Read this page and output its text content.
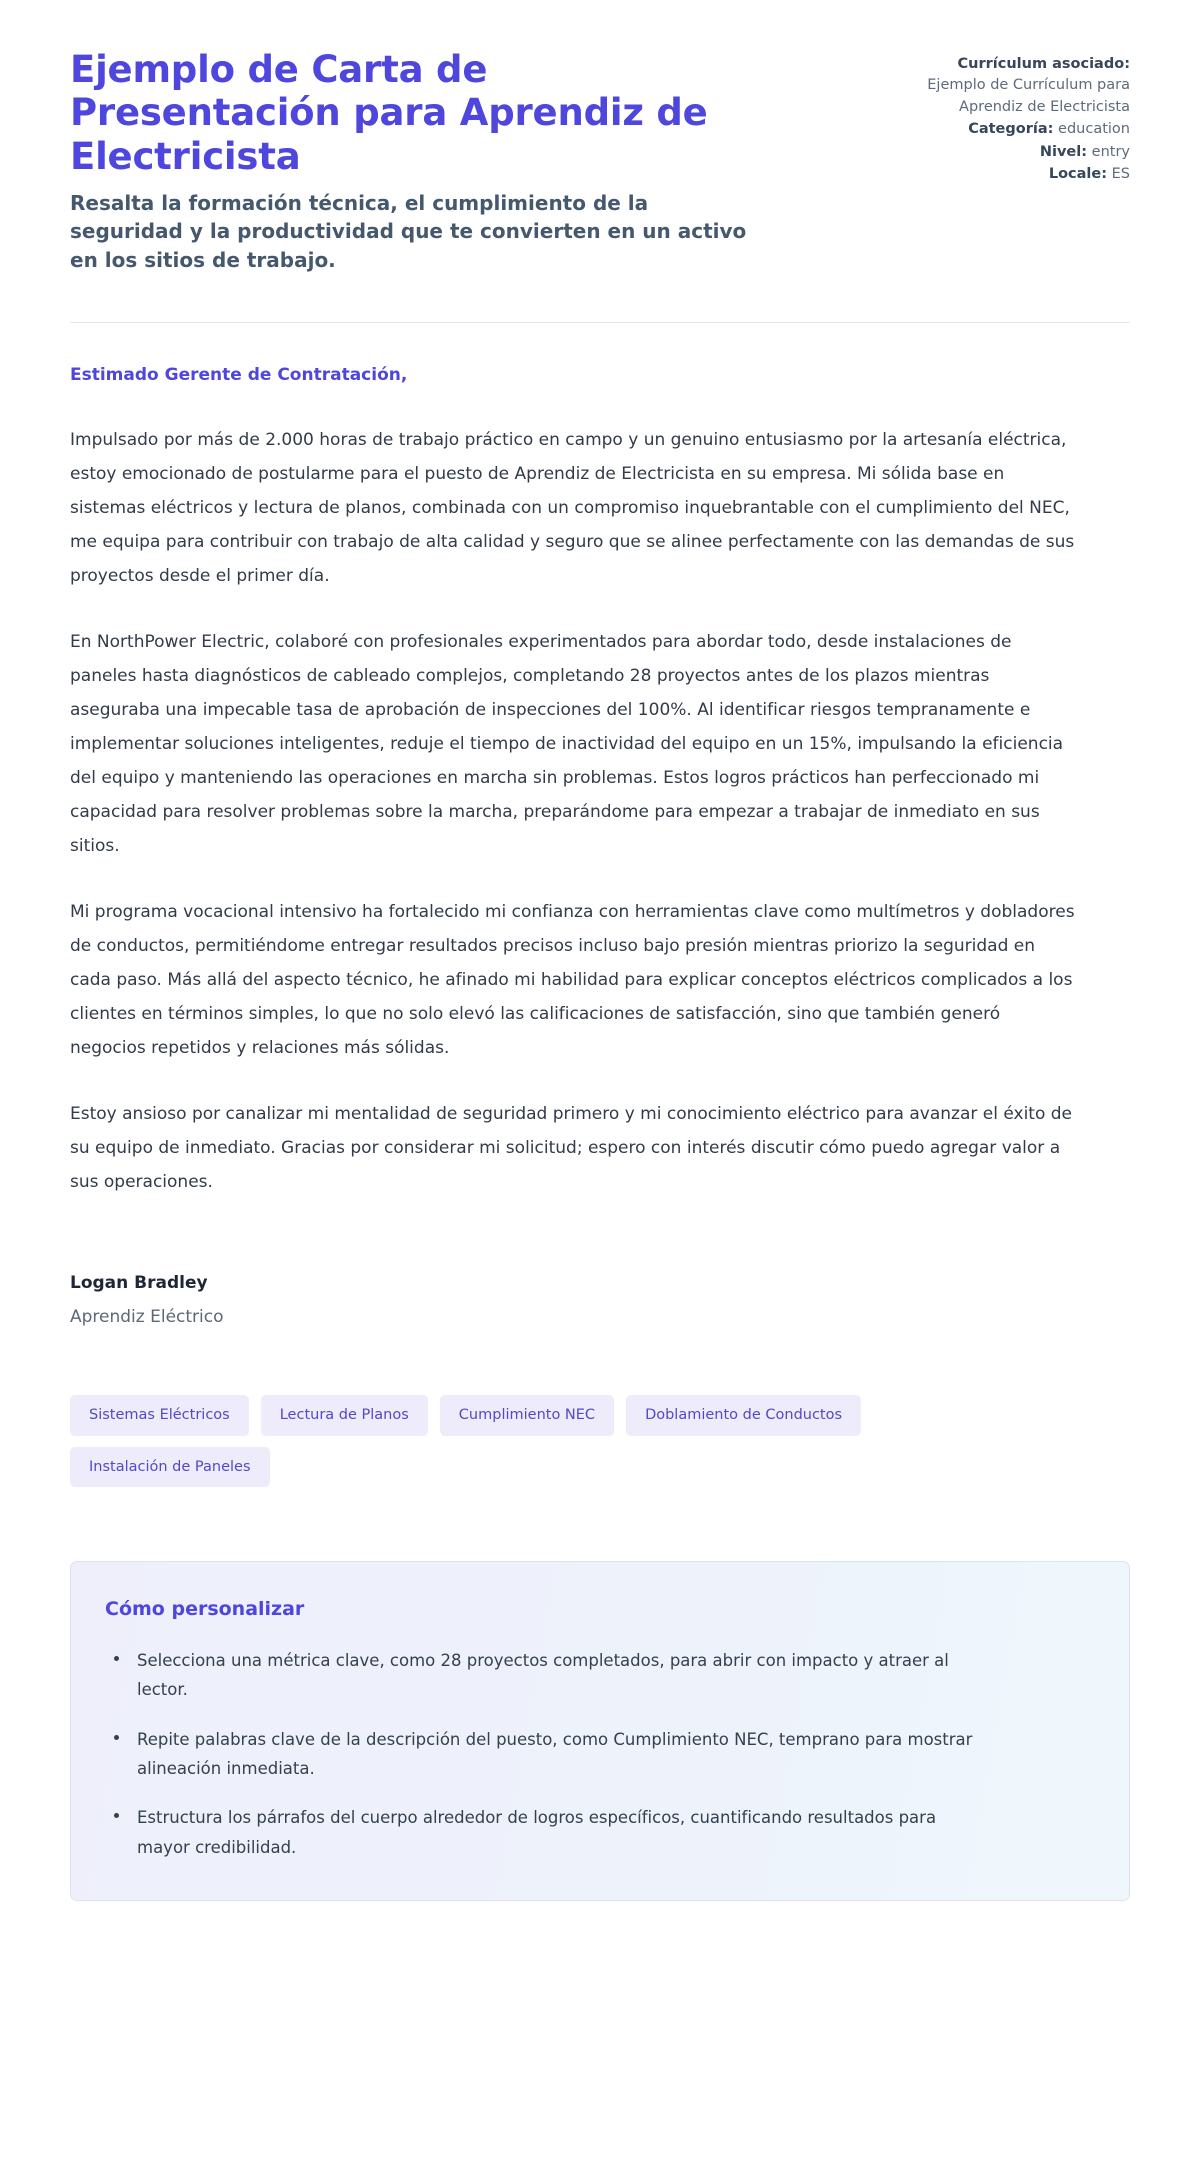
Ejemplo de Carta de Presentación para Aprendiz de Electricista

Resalta la formación técnica, el cumplimiento de la seguridad y la productividad que te convierten en un activo en los sitios de trabajo.

Currículum asociado:
Ejemplo de Currículum para Aprendiz de Electricista
Categoría: education
Nivel: entry
Locale: ES

Estimado Gerente de Contratación,

Impulsado por más de 2.000 horas de trabajo práctico en campo y un genuino entusiasmo por la artesanía eléctrica, estoy emocionado de postularme para el puesto de Aprendiz de Electricista en su empresa. Mi sólida base en sistemas eléctricos y lectura de planos, combinada con un compromiso inquebrantable con el cumplimiento del NEC, me equipa para contribuir con trabajo de alta calidad y seguro que se alinee perfectamente con las demandas de sus proyectos desde el primer día.

En NorthPower Electric, colaboré con profesionales experimentados para abordar todo, desde instalaciones de paneles hasta diagnósticos de cableado complejos, completando 28 proyectos antes de los plazos mientras aseguraba una impecable tasa de aprobación de inspecciones del 100%. Al identificar riesgos tempranamente e implementar soluciones inteligentes, reduje el tiempo de inactividad del equipo en un 15%, impulsando la eficiencia del equipo y manteniendo las operaciones en marcha sin problemas. Estos logros prácticos han perfeccionado mi capacidad para resolver problemas sobre la marcha, preparándome para empezar a trabajar de inmediato en sus sitios.

Mi programa vocacional intensivo ha fortalecido mi confianza con herramientas clave como multímetros y dobladores de conductos, permitiéndome entregar resultados precisos incluso bajo presión mientras priorizo la seguridad en cada paso. Más allá del aspecto técnico, he afinado mi habilidad para explicar conceptos eléctricos complicados a los clientes en términos simples, lo que no solo elevó las calificaciones de satisfacción, sino que también generó negocios repetidos y relaciones más sólidas.

Estoy ansioso por canalizar mi mentalidad de seguridad primero y mi conocimiento eléctrico para avanzar el éxito de su equipo de inmediato. Gracias por considerar mi solicitud; espero con interés discutir cómo puedo agregar valor a sus operaciones.

Logan Bradley
Aprendiz Eléctrico
Sistemas Eléctricos	Lectura de Planos	Cumplimiento NEC	Doblamiento de Conductos
Instalación de Paneles
Cómo personalizar
Selecciona una métrica clave, como 28 proyectos completados, para abrir con impacto y atraer al lector.
Repite palabras clave de la descripción del puesto, como Cumplimiento NEC, temprano para mostrar alineación inmediata.
Estructura los párrafos del cuerpo alrededor de logros específicos, cuantificando resultados para mayor credibilidad.
